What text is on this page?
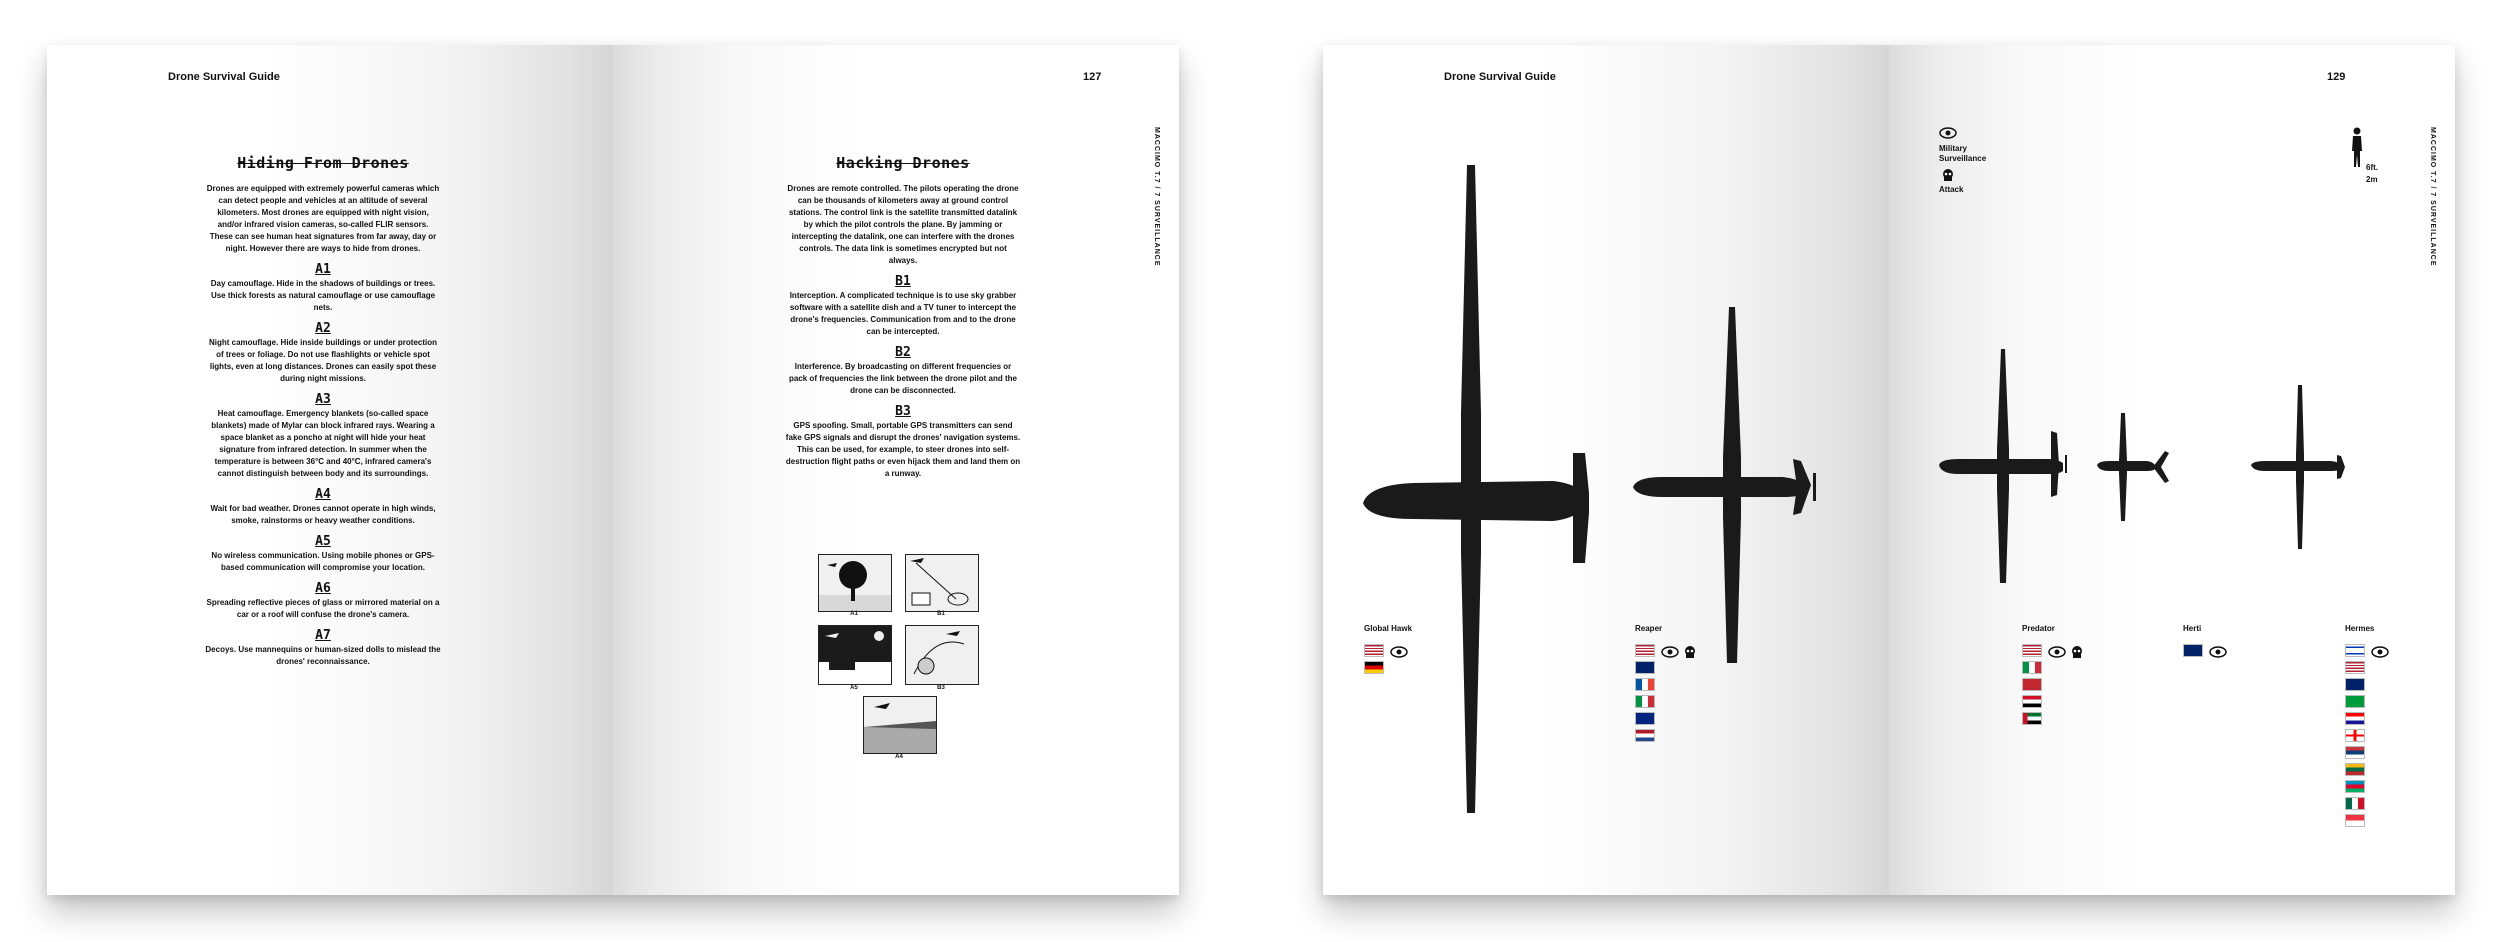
Drone Survival Guide
Hiding From Drones

Drones are equipped with extremely powerful cameras which can detect people and vehicles at an altitude of several kilometers. Most drones are equipped with night vision, and/or infrared vision cameras, so-called FLIR sensors. These can see human heat signatures from far away, day or night. However there are ways to hide from drones.

A1

Day camouflage. Hide in the shadows of buildings or trees. Use thick forests as natural camouflage or use camouflage nets.

A2

Night camouflage. Hide inside buildings or under protection of trees or foliage. Do not use flashlights or vehicle spot lights, even at long distances. Drones can easily spot these during night missions.

A3

Heat camouflage. Emergency blankets (so-called space blankets) made of Mylar can block infrared rays. Wearing a space blanket as a poncho at night will hide your heat signature from infrared detection. In summer when the temperature is between 36°C and 40°C, infrared camera's cannot distinguish between body and its surroundings.

A4

Wait for bad weather. Drones cannot operate in high winds, smoke, rainstorms or heavy weather conditions.

A5

No wireless communication. Using mobile phones or GPS-based communication will compromise your location.

A6

Spreading reflective pieces of glass or mirrored material on a car or a roof will confuse the drone's camera.

A7

Decoys. Use mannequins or human-sized dolls to mislead the drones' reconnaissance.

127
MACCIMO T.7 / 7 SURVEILLANCE
Hacking Drones

Drones are remote controlled. The pilots operating the drone can be thousands of kilometers away at ground control stations. The control link is the satellite transmitted datalink by which the pilot controls the plane. By jamming or intercepting the datalink, one can interfere with the drones controls. The data link is sometimes encrypted but not always.

B1

Interception. A complicated technique is to use sky grabber software with a satellite dish and a TV tuner to intercept the drone's frequencies. Communication from and to the drone can be intercepted.

B2

Interference. By broadcasting on different frequencies or pack of frequencies the link between the drone pilot and the drone can be disconnected.

B3

GPS spoofing. Small, portable GPS transmitters can send fake GPS signals and disrupt the drones' navigation systems. This can be used, for example, to steer drones into self-destruction flight paths or even hijack them and land them on a runway.

A1	B1
A5	B3
A4
Drone Survival Guide	129
MACCIMO T.7 / 7 SURVEILLANCE
Military
Surveillance
Attack
6ft.
2m
Global Hawk	Reaper	Predator	Herti	Hermes
